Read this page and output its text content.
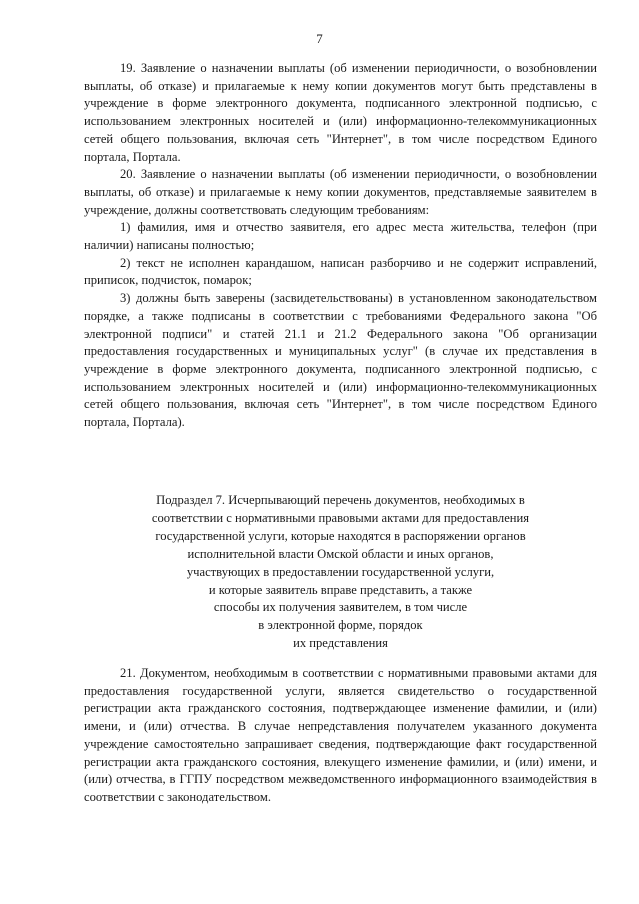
7

19. Заявление о назначении выплаты (об изменении периодичности, о возобновлении выплаты, об отказе) и прилагаемые к нему копии документов могут быть представлены в учреждение в форме электронного документа, подписанного электронной подписью, с использованием электронных носителей и (или) информационно-телекоммуникационных сетей общего пользования, включая сеть "Интернет", в том числе посредством Единого портала, Портала.

20. Заявление о назначении выплаты (об изменении периодичности, о возобновлении выплаты, об отказе) и прилагаемые к нему копии документов, представляемые заявителем в учреждение, должны соответствовать следующим требованиям:

1) фамилия, имя и отчество заявителя, его адрес места жительства, телефон (при наличии) написаны полностью;

2) текст не исполнен карандашом, написан разборчиво и не содержит исправлений, приписок, подчисток, помарок;

3) должны быть заверены (засвидетельствованы) в установленном законодательством порядке, а также подписаны в соответствии с требованиями Федерального закона "Об электронной подписи" и статей 21.1 и 21.2 Федерального закона "Об организации предоставления государственных и муниципальных услуг" (в случае их представления в учреждение в форме электронного документа, подписанного электронной подписью, с использованием электронных носителей и (или) информационно-телекоммуникационных сетей общего пользования, включая сеть "Интернет", в том числе посредством Единого портала, Портала).

Подраздел 7. Исчерпывающий перечень документов, необходимых в
соответствии с нормативными правовыми актами для предоставления
государственной услуги, которые находятся в распоряжении органов
исполнительной власти Омской области и иных органов,
участвующих в предоставлении государственной услуги,
и которые заявитель вправе представить, а также
способы их получения заявителем, в том числе
в электронной форме, порядок
их представления

21. Документом, необходимым в соответствии с нормативными правовыми актами для предоставления государственной услуги, является свидетельство о государственной регистрации акта гражданского состояния, подтверждающее изменение фамилии, и (или) имени, и (или) отчества. В случае непредставления получателем указанного документа учреждение самостоятельно запрашивает сведения, подтверждающие факт государственной регистрации акта гражданского состояния, влекущего изменение фамилии, и (или) имени, и (или) отчества, в ГГПУ посредством межведомственного информационного взаимодействия в соответствии с законодательством.
